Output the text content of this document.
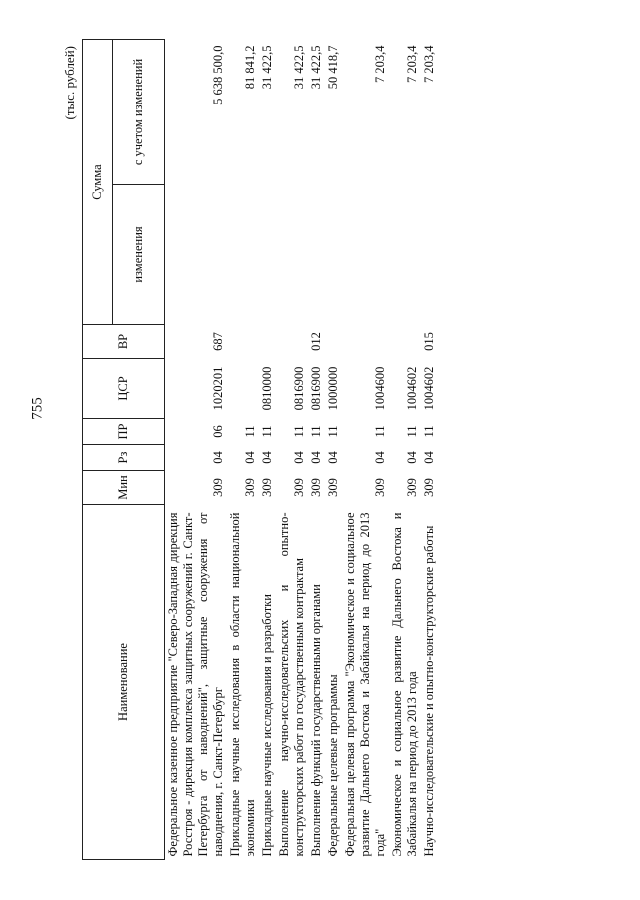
755
(тыс. рублей)
Наименование	Мин	Рз	ПР	ЦСР	ВР	Сумма	
						изменения	с учетом изменений
Федеральное казенное предприятие "Северо-Западная дирекция Росстроя - дирекция комплекса защитных сооружений г. Санкт-Петербурга от наводнений", защитные сооружения от наводнения, г. Санкт-Петербург	309	04	06	1020201	687		5 638 500,0
Прикладные научные исследования в области национальной экономики	309	04	11				81 841,2
Прикладные научные исследования и разработки	309	04	11	0810000			31 422,5
Выполнение научно-исследовательских и опытно-конструкторских работ по государственным контрактам	309	04	11	0816900			31 422,5
Выполнение функций государственными органами	309	04	11	0816900	012		31 422,5
Федеральные целевые программы	309	04	11	1000000			50 418,7
Федеральная целевая программа "Экономическое и социальное развитие Дальнего Востока и Забайкалья на период до 2013 года"	309	04	11	1004600			7 203,4
Экономическое и социальное развитие Дальнего Востока и Забайкалья на период до 2013 года	309	04	11	1004602			7 203,4
Научно-исследовательские и опытно-конструкторские работы	309	04	11	1004602	015		7 203,4
